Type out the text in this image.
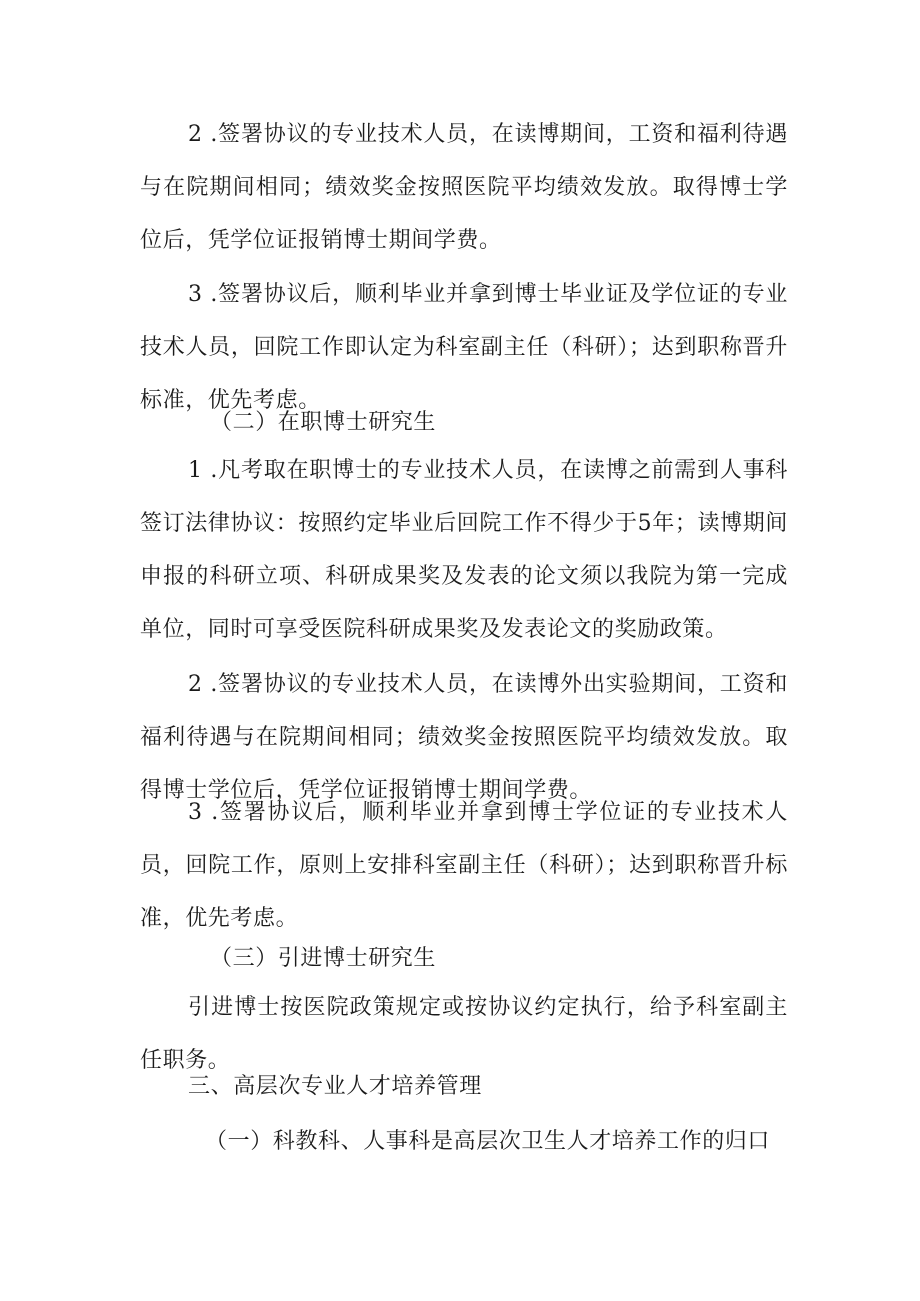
2 .签署协议的专业技术人员，在读博期间，工资和福利待遇与在院期间相同；绩效奖金按照医院平均绩效发放。取得博士学位后，凭学位证报销博士期间学费。

3 .签署协议后，顺利毕业并拿到博士毕业证及学位证的专业技术人员，回院工作即认定为科室副主任（科研）；达到职称晋升标准，优先考虑。

（二）在职博士研究生

1 .凡考取在职博士的专业技术人员，在读博之前需到人事科签订法律协议：按照约定毕业后回院工作不得少于5年；读博期间申报的科研立项、科研成果奖及发表的论文须以我院为第一完成单位，同时可享受医院科研成果奖及发表论文的奖励政策。

2 .签署协议的专业技术人员，在读博外出实验期间，工资和福利待遇与在院期间相同；绩效奖金按照医院平均绩效发放。取得博士学位后，凭学位证报销博士期间学费。

3 .签署协议后，顺利毕业并拿到博士学位证的专业技术人员，回院工作，原则上安排科室副主任（科研）；达到职称晋升标准，优先考虑。

（三）引进博士研究生

引进博士按医院政策规定或按协议约定执行，给予科室副主任职务。

三、高层次专业人才培养管理

（一）科教科、人事科是高层次卫生人才培养工作的归口
